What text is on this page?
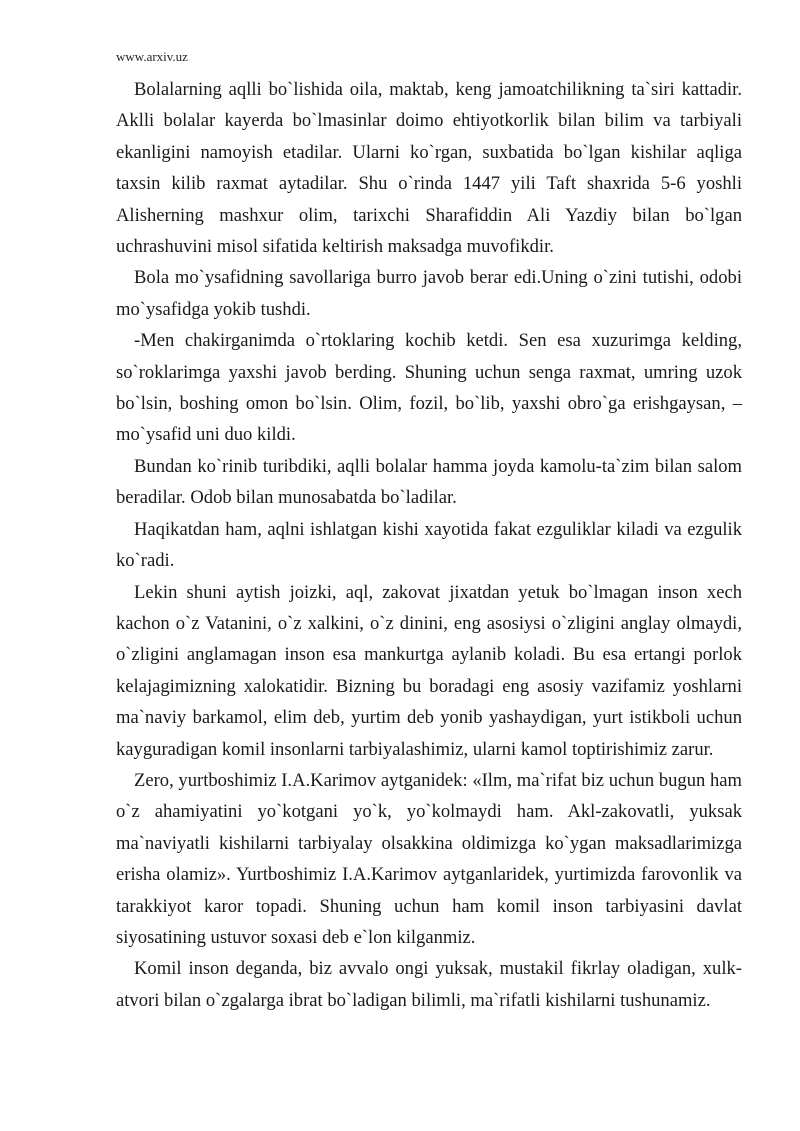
www.arxiv.uz

Bolalarning aqlli bo`lishida oila, maktab, keng jamoatchilikning ta`siri kattadir. Aklli bolalar kayerda bo`lmasinlar doimo ehtiyotkorlik bilan bilim va tarbiyali ekanligini namoyish etadilar. Ularni ko`rgan, suxbatida bo`lgan kishilar aqliga taxsin kilib raxmat aytadilar. Shu o`rinda 1447 yili Taft shaxrida 5-6 yoshli Alisherning mashxur olim, tarixchi Sharafiddin Ali Yazdiy bilan bo`lgan uchrashuvini misol sifatida keltirish maksadga muvofikdir.

Bola mo`ysafidning savollariga burro javob berar edi.Uning o`zini tutishi, odobi mo`ysafidga yokib tushdi.

-Men chakirganimda o`rtoklaring kochib ketdi. Sen esa xuzurimga kelding, so`roklarimga yaxshi javob berding. Shuning uchun senga raxmat, umring uzok bo`lsin, boshing omon bo`lsin. Olim, fozil, bo`lib, yaxshi obro`ga erishgaysan, – mo`ysafid uni duo kildi.

Bundan ko`rinib turibdiki, aqlli bolalar hamma joyda kamolu-ta`zim bilan salom beradilar. Odob bilan munosabatda bo`ladilar.

Haqikatdan ham, aqlni ishlatgan kishi xayotida fakat ezguliklar kiladi va ezgulik ko`radi.

Lekin shuni aytish joizki, aql, zakovat jixatdan yetuk bo`lmagan inson xech kachon o`z Vatanini, o`z xalkini, o`z dinini, eng asosiysi o`zligini anglay olmaydi, o`zligini anglamagan inson esa mankurtga aylanib koladi. Bu esa ertangi porlok kelajagimizning xalokatidir. Bizning bu boradagi eng asosiy vazifamiz yoshlarni ma`naviy barkamol, elim deb, yurtim deb yonib yashaydigan, yurt istikboli uchun kayguradigan komil insonlarni tarbiyalashimiz, ularni kamol toptirishimiz zarur.

Zero, yurtboshimiz I.A.Karimov aytganidek: «Ilm, ma`rifat biz uchun bugun ham o`z ahamiyatini yo`kotgani yo`k, yo`kolmaydi ham. Akl-zakovatli, yuksak ma`naviyatli kishilarni tarbiyalay olsakkina oldimizga ko`ygan maksadlarimizga erisha olamiz». Yurtboshimiz I.A.Karimov aytganlaridek, yurtimizda farovonlik va tarakkiyot karor topadi. Shuning uchun ham komil inson tarbiyasini davlat siyosatining ustuvor soxasi deb e`lon kilganmiz.

Komil inson deganda, biz avvalo ongi yuksak, mustakil fikrlay oladigan, xulk-atvori bilan o`zgalarga ibrat bo`ladigan bilimli, ma`rifatli kishilarni tushunamiz.
